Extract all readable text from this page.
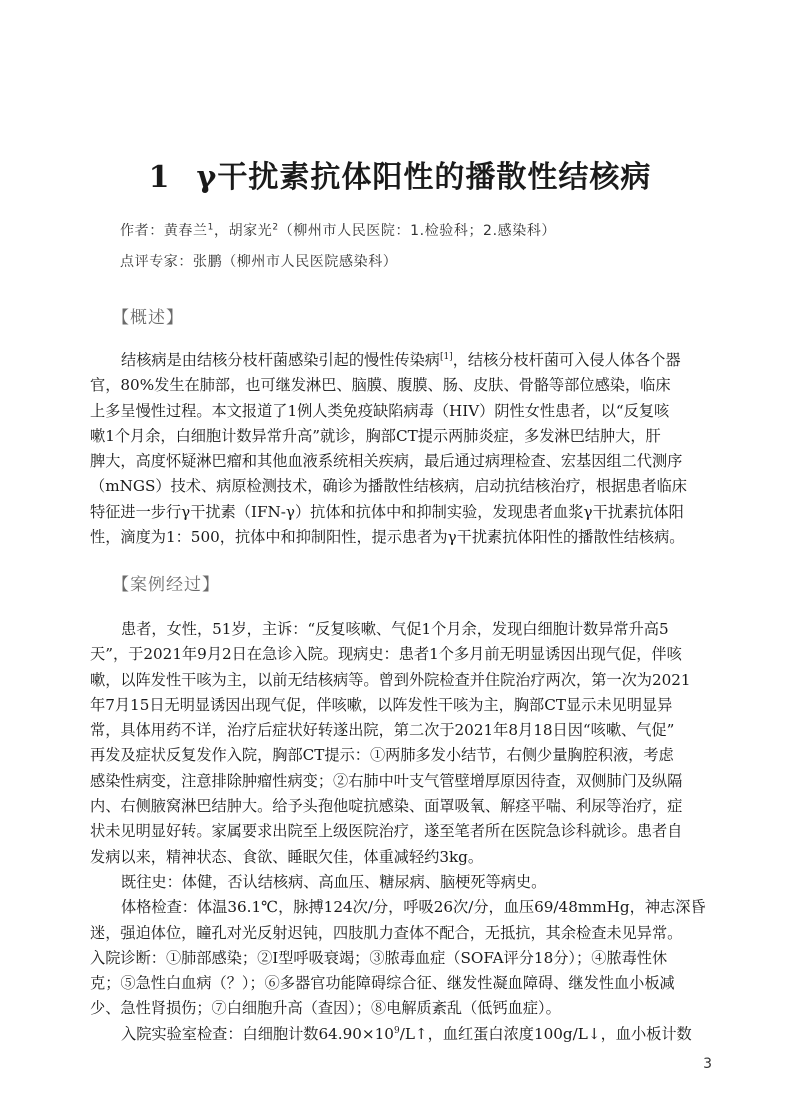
1 γ干扰素抗体阳性的播散性结核病
作者：黄春兰$^1$，胡家光$^2$（柳州市人民医院：1.检验科；2.感染科）
点评专家：张鹏（柳州市人民医院感染科）
【概述】
结核病是由结核分枝杆菌感染引起的慢性传染病[1]，结核分枝杆菌可入侵人体各个器
官，80%发生在肺部，也可继发淋巴、脑膜、腹膜、肠、皮肤、骨骼等部位感染，临床
上多呈慢性过程。本文报道了1例人类免疫缺陷病毒（HIV）阴性女性患者，以“反复咳
嗽1个月余，白细胞计数异常升高”就诊，胸部CT提示两肺炎症，多发淋巴结肿大，肝
脾大，高度怀疑淋巴瘤和其他血液系统相关疾病，最后通过病理检查、宏基因组二代测序
（mNGS）技术、病原检测技术，确诊为播散性结核病，启动抗结核治疗，根据患者临床
特征进一步行γ干扰素（IFN-γ）抗体和抗体中和抑制实验，发现患者血浆γ干扰素抗体阳
性，滴度为1：500，抗体中和抑制阳性，提示患者为γ干扰素抗体阳性的播散性结核病。
【案例经过】
患者，女性，51岁，主诉：“反复咳嗽、气促1个月余，发现白细胞计数异常升高5
天”，于2021年9月2日在急诊入院。现病史：患者1个多月前无明显诱因出现气促，伴咳
嗽，以阵发性干咳为主，以前无结核病等。曾到外院检查并住院治疗两次，第一次为2021
年7月15日无明显诱因出现气促，伴咳嗽，以阵发性干咳为主，胸部CT显示未见明显异
常，具体用药不详，治疗后症状好转遂出院，第二次于2021年8月18日因“咳嗽、气促”
再发及症状反复发作入院，胸部CT提示：①两肺多发小结节，右侧少量胸腔积液，考虑
感染性病变，注意排除肿瘤性病变；②右肺中叶支气管壁增厚原因待查，双侧肺门及纵隔
内、右侧腋窝淋巴结肿大。给予头孢他啶抗感染、面罩吸氧、解痉平喘、利尿等治疗，症
状未见明显好转。家属要求出院至上级医院治疗，遂至笔者所在医院急诊科就诊。患者自
发病以来，精神状态、食欲、睡眠欠佳，体重减轻约3kg。
既往史：体健，否认结核病、高血压、糖尿病、脑梗死等病史。
体格检查：体温36.1℃，脉搏124次/分，呼吸26次/分，血压69/48mmHg，神志深昏
迷，强迫体位，瞳孔对光反射迟钝，四肢肌力查体不配合，无抵抗，其余检查未见异常。
入院诊断：①肺部感染；②Ⅰ型呼吸衰竭；③脓毒血症（SOFA评分18分）；④脓毒性休
克；⑤急性白血病（？）；⑥多器官功能障碍综合征、继发性凝血障碍、继发性血小板减
少、急性肾损伤；⑦白细胞升高（查因）；⑧电解质紊乱（低钙血症）。
入院实验室检查：白细胞计数$64.90\times 10^9/L↑$，血红蛋白浓度100g/L↓，血小板计数
3
